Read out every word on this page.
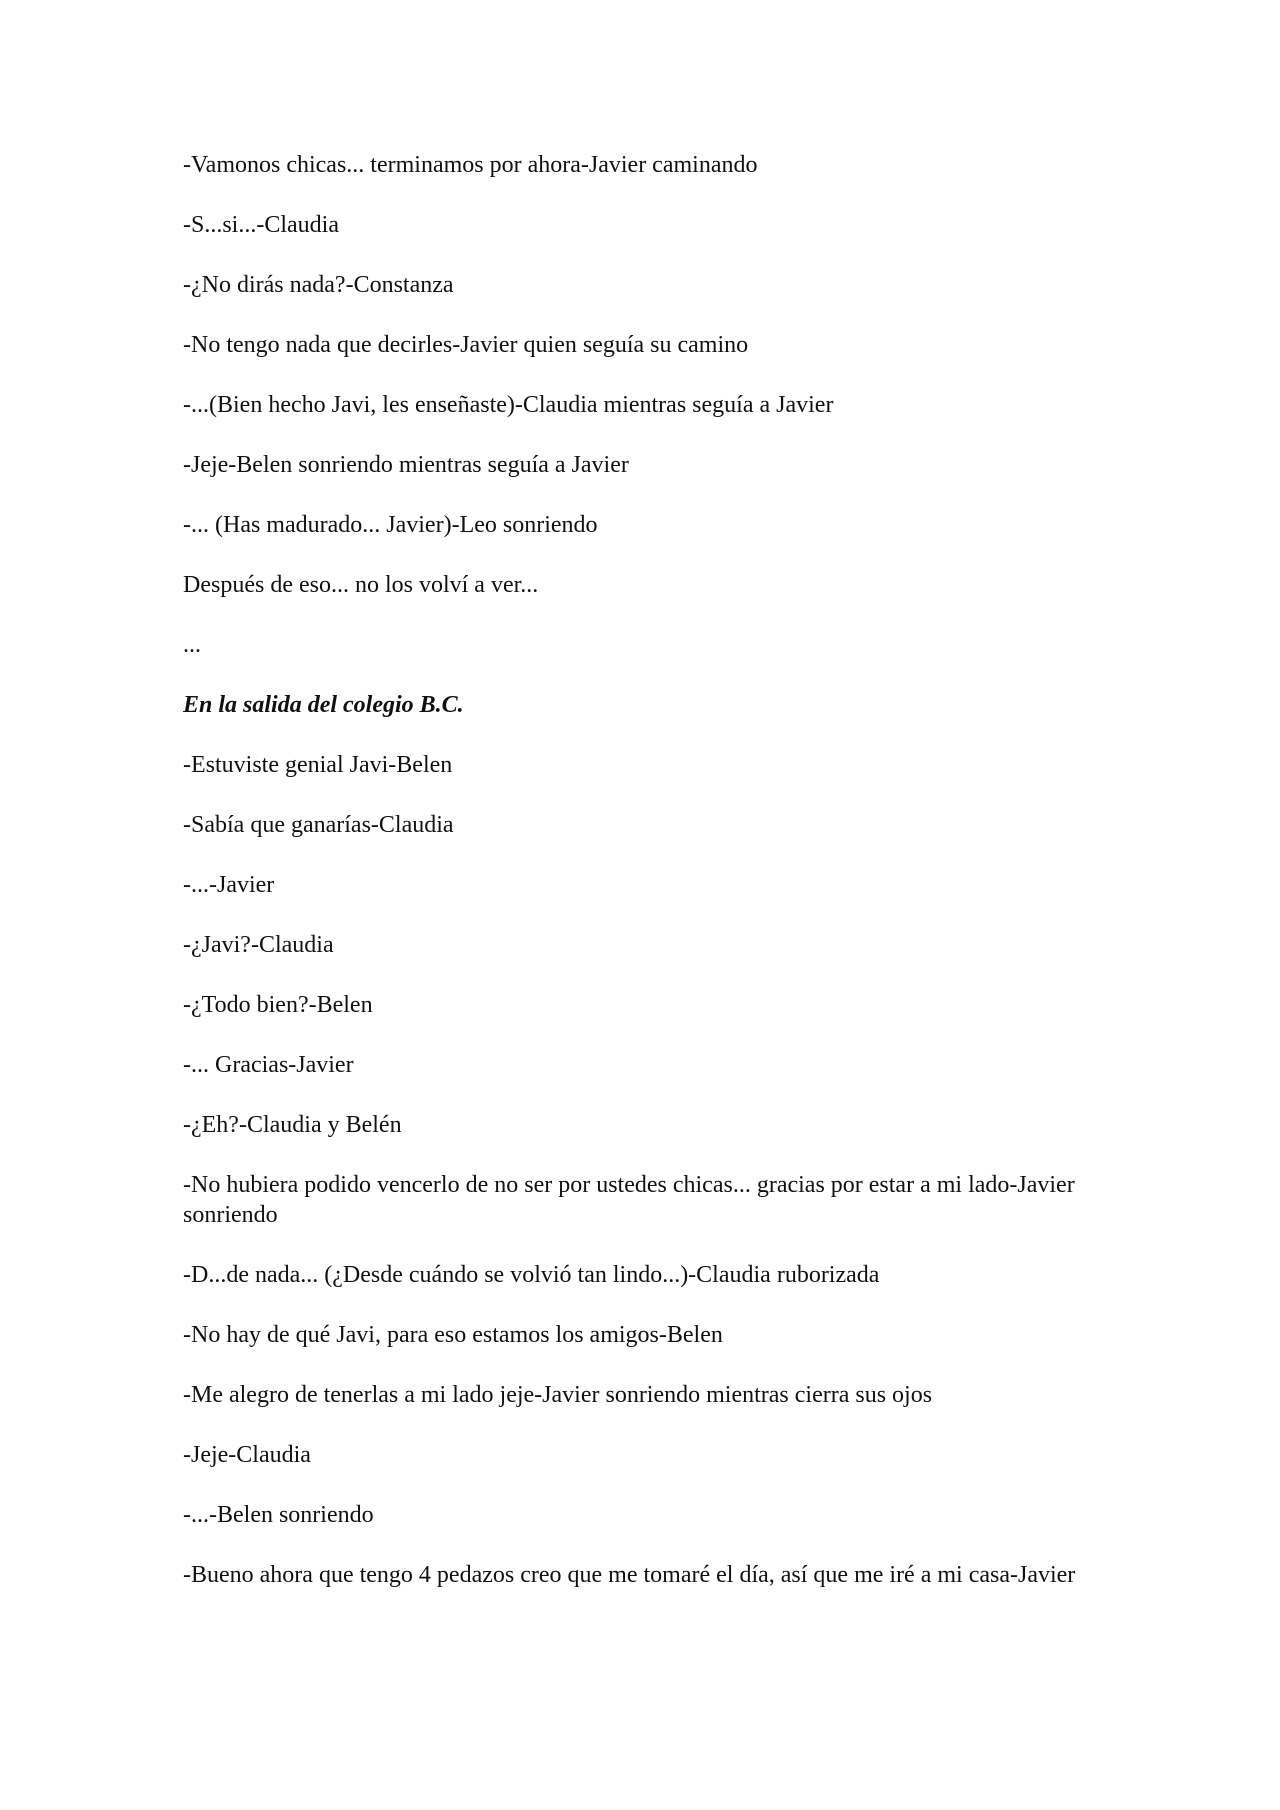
-Vamonos chicas... terminamos por ahora-Javier caminando

-S...si...-Claudia

-¿No dirás nada?-Constanza

-No tengo nada que decirles-Javier quien seguía su camino

-...(Bien hecho Javi, les enseñaste)-Claudia mientras seguía a Javier

-Jeje-Belen sonriendo mientras seguía a Javier

-... (Has madurado... Javier)-Leo sonriendo

Después de eso... no los volví a ver...

...

En la salida del colegio B.C.

-Estuviste genial Javi-Belen

-Sabía que ganarías-Claudia

-...-Javier

-¿Javi?-Claudia

-¿Todo bien?-Belen

-... Gracias-Javier

-¿Eh?-Claudia y Belén

-No hubiera podido vencerlo de no ser por ustedes chicas... gracias por estar a mi lado-Javier sonriendo

-D...de nada... (¿Desde cuándo se volvió tan lindo...)-Claudia ruborizada

-No hay de qué Javi, para eso estamos los amigos-Belen

-Me alegro de tenerlas a mi lado jeje-Javier sonriendo mientras cierra sus ojos

-Jeje-Claudia

-...-Belen sonriendo

-Bueno ahora que tengo 4 pedazos creo que me tomaré el día, así que me iré a mi casa-Javier
